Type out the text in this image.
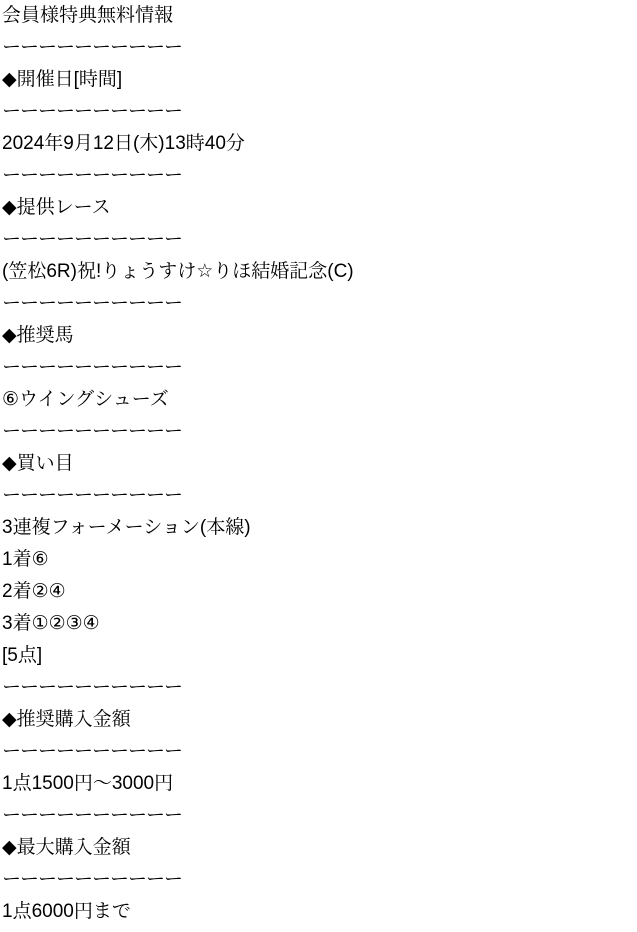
会員様特典無料情報
ーーーーーーーーーー
◆開催日[時間]
ーーーーーーーーーー
2024年9月12日(木)13時40分
ーーーーーーーーーー
◆提供レース
ーーーーーーーーーー
(笠松6R)祝!りょうすけ☆りほ結婚記念(C)
ーーーーーーーーーー
◆推奨馬
ーーーーーーーーーー
⑥ウイングシューズ
ーーーーーーーーーー
◆買い目
ーーーーーーーーーー
3連複フォーメーション(本線)
1着⑥
2着②④
3着①②③④
[5点]
ーーーーーーーーーー
◆推奨購入金額
ーーーーーーーーーー
1点1500円〜3000円
ーーーーーーーーーー
◆最大購入金額
ーーーーーーーーーー
1点6000円まで
